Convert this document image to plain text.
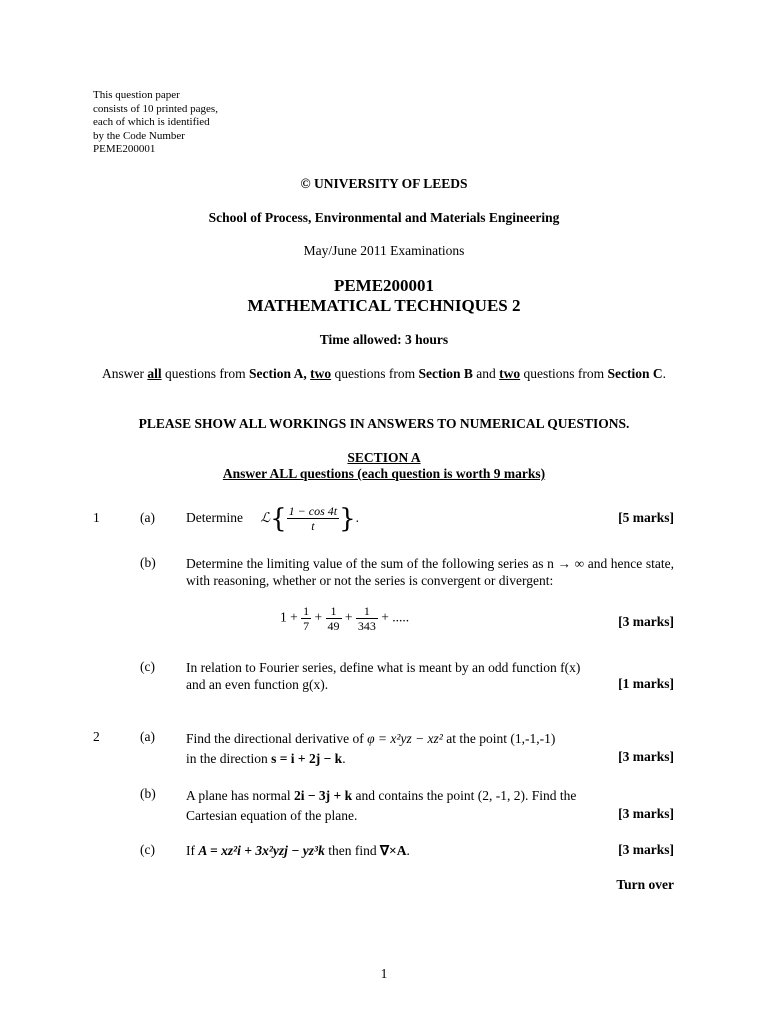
This question paper
consists of 10 printed pages,
each of which is identified
by the Code Number
PEME200001
© UNIVERSITY OF LEEDS
School of Process, Environmental and Materials Engineering
May/June 2011 Examinations
PEME200001
MATHEMATICAL TECHNIQUES 2
Time allowed: 3 hours
Answer all questions from Section A, two questions from Section B and two questions from Section C.
PLEASE SHOW ALL WORKINGS IN ANSWERS TO NUMERICAL QUESTIONS.
SECTION A
Answer ALL questions (each question is worth 9 marks)
1	(a) Determine ℒ{ $\frac{1 - \cos 4t}{t}$ }.	[5 marks]
(b) Determine the limiting value of the sum of the following series as n → ∞ and hence state, with reasoning, whether or not the series is convergent or divergent:
$1 + \frac{1}{7} + \frac{1}{49} + \frac{1}{343}$ + .....	[3 marks]
(c) In relation to Fourier series, define what is meant by an odd function f(x) and an even function g(x).	[1 marks]
2	(a) Find the directional derivative of φ = x²yz − xz² at the point (1,-1,-1) in the direction s = i + 2j − k.	[3 marks]
(b) A plane has normal 2i − 3j + k and contains the point (2, -1, 2). Find the Cartesian equation of the plane.	[3 marks]
(c) If A = xz²i + 3x²yzj − yz³k then find ∇×A.	[3 marks]
Turn over
1
